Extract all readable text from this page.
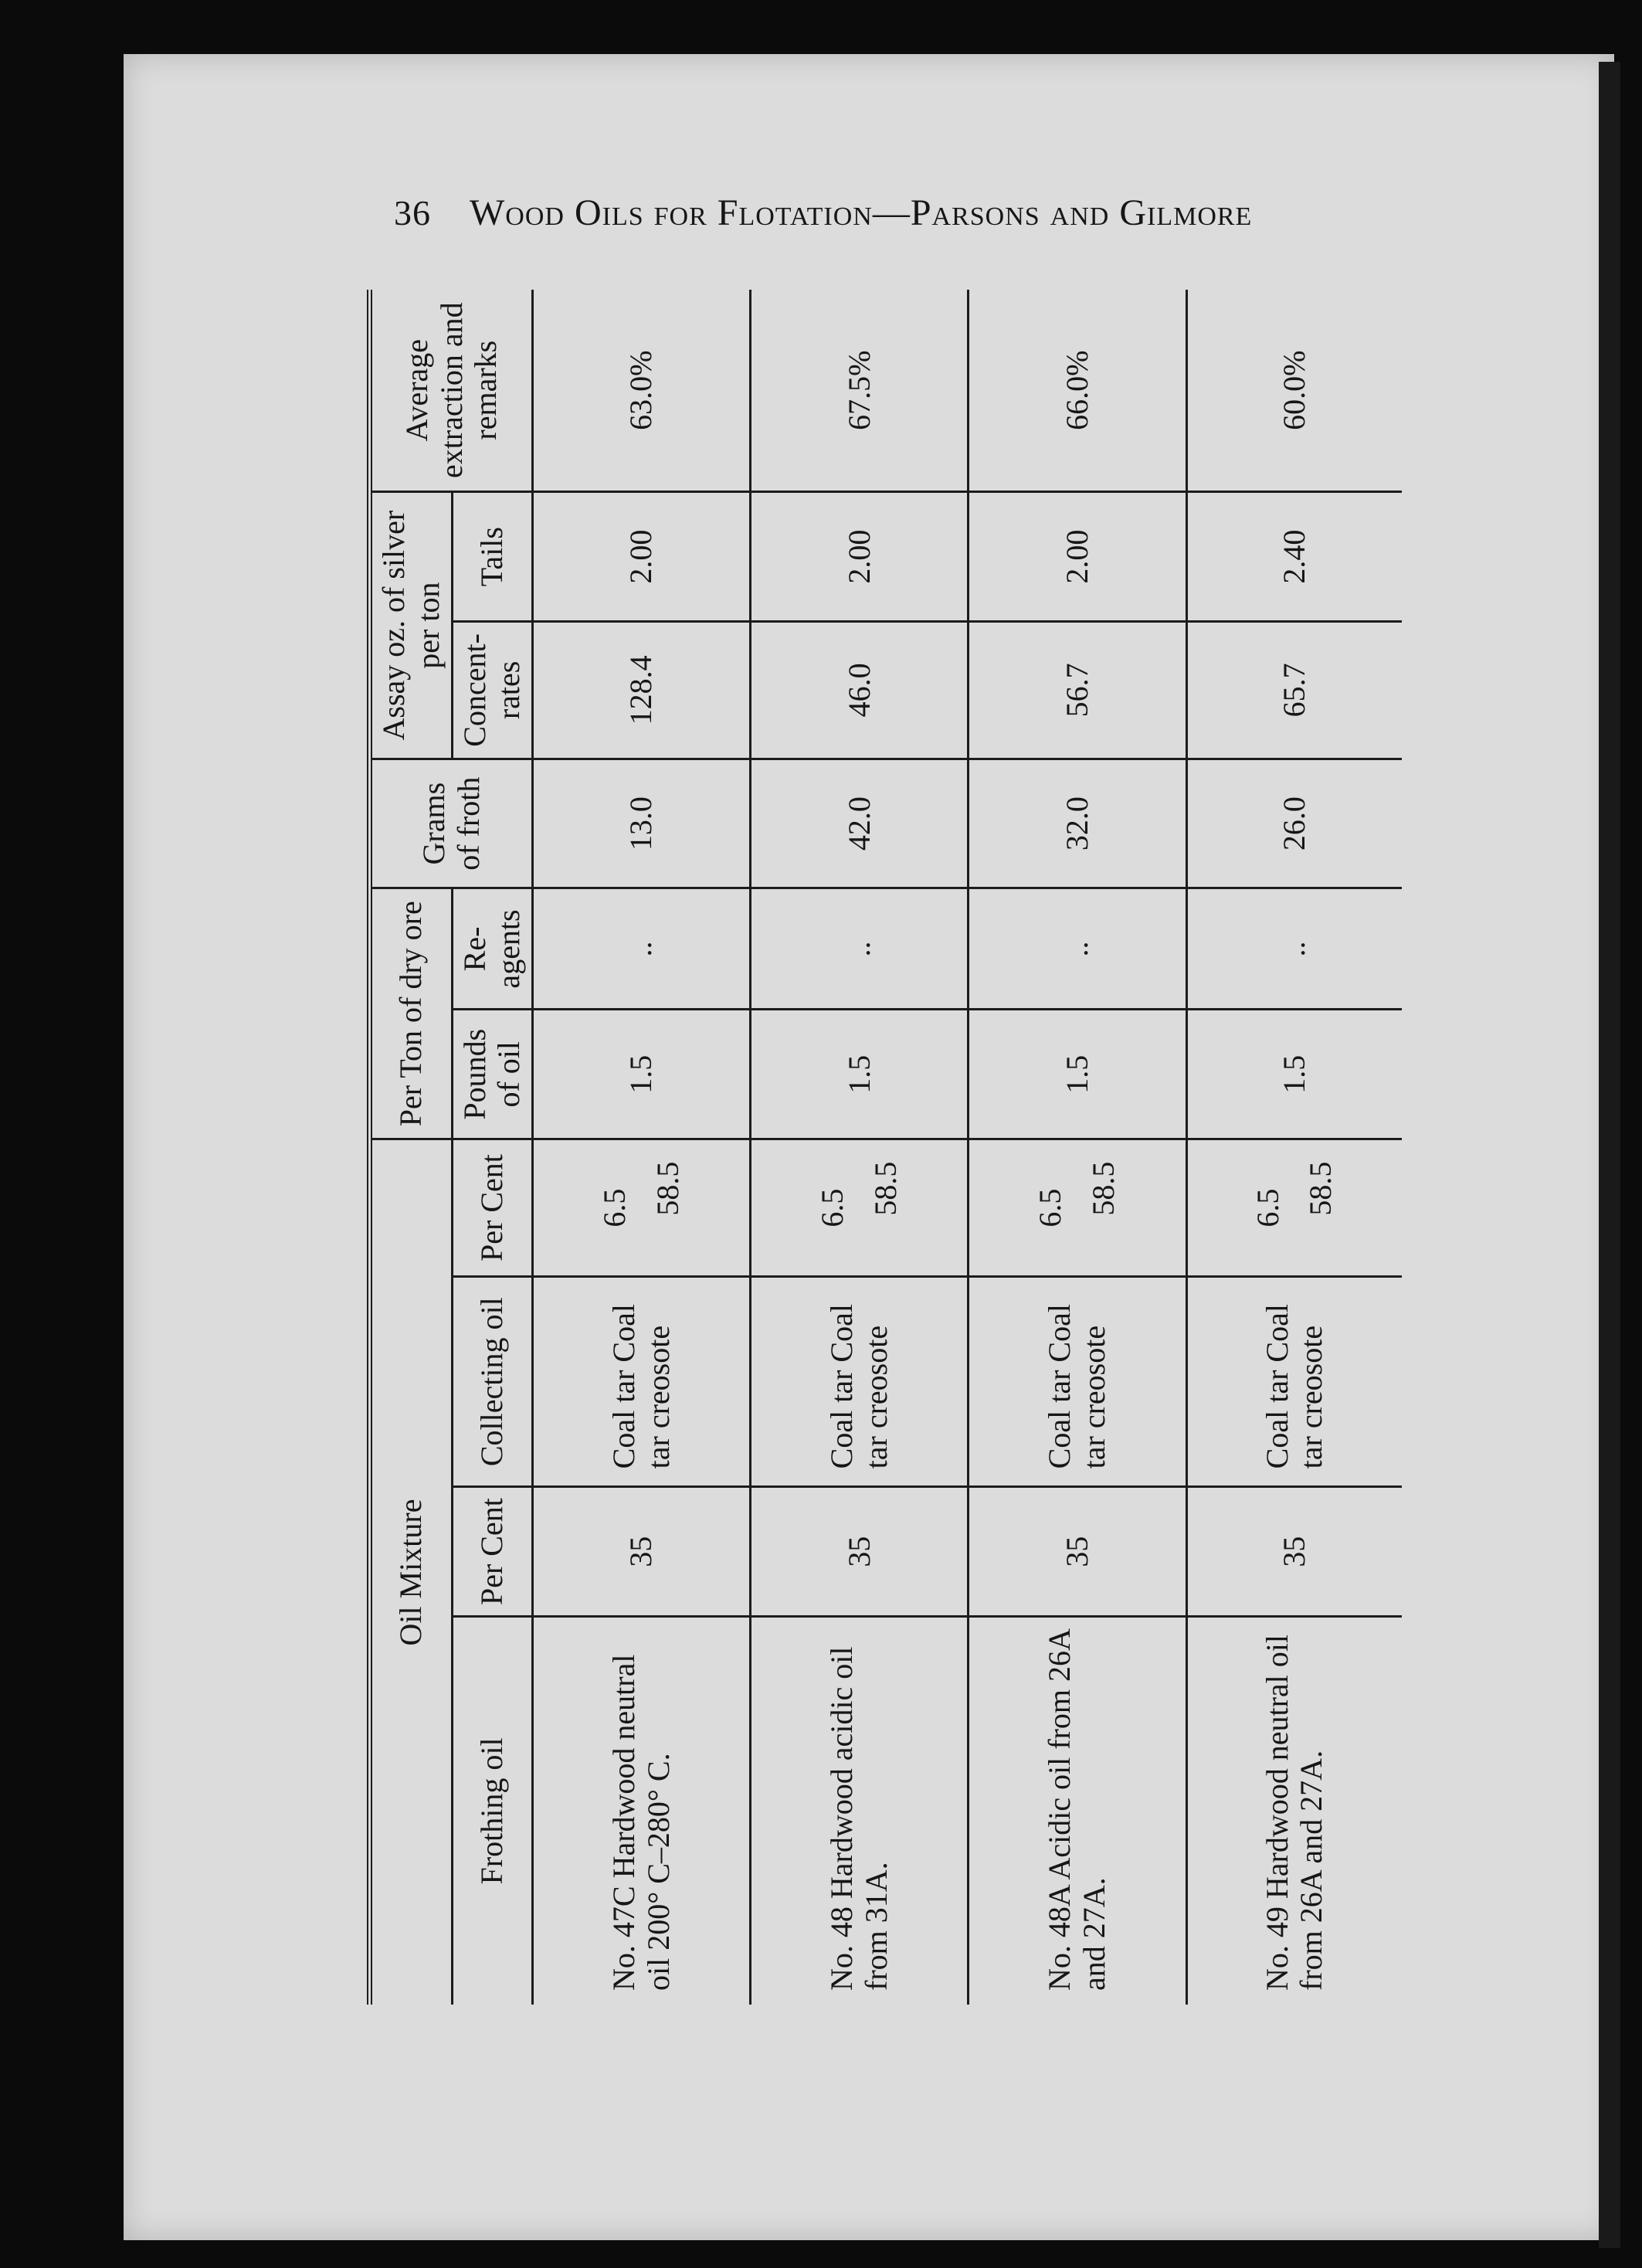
36 Wood Oils for Flotation—Parsons and Gilmore
Oil Mixture				Per Ton of dry ore		Grams of froth	Assay oz. of silver per ton		Average extraction and remarks
Frothing oil	Per Cent	Collecting oil	Per Cent	Pounds of oil	Re-agents		Concent-rates	Tails	
No. 47C Hardwood neutral oil 200° C–280° C.	35	Coal tar Coal tar creosote	6.5 58.5	1.5	..	13.0	128.4	2.00	63.0%
No. 48 Hardwood acidic oil from 31A.	35	Coal tar Coal tar creosote	6.5 58.5	1.5	..	42.0	46.0	2.00	67.5%
No. 48A Acidic oil from 26A and 27A.	35	Coal tar Coal tar creosote	6.5 58.5	1.5	..	32.0	56.7	2.00	66.0%
No. 49 Hardwood neutral oil from 26A and 27A.	35	Coal tar Coal tar creosote	6.5 58.5	1.5	..	26.0	65.7	2.40	60.0%
